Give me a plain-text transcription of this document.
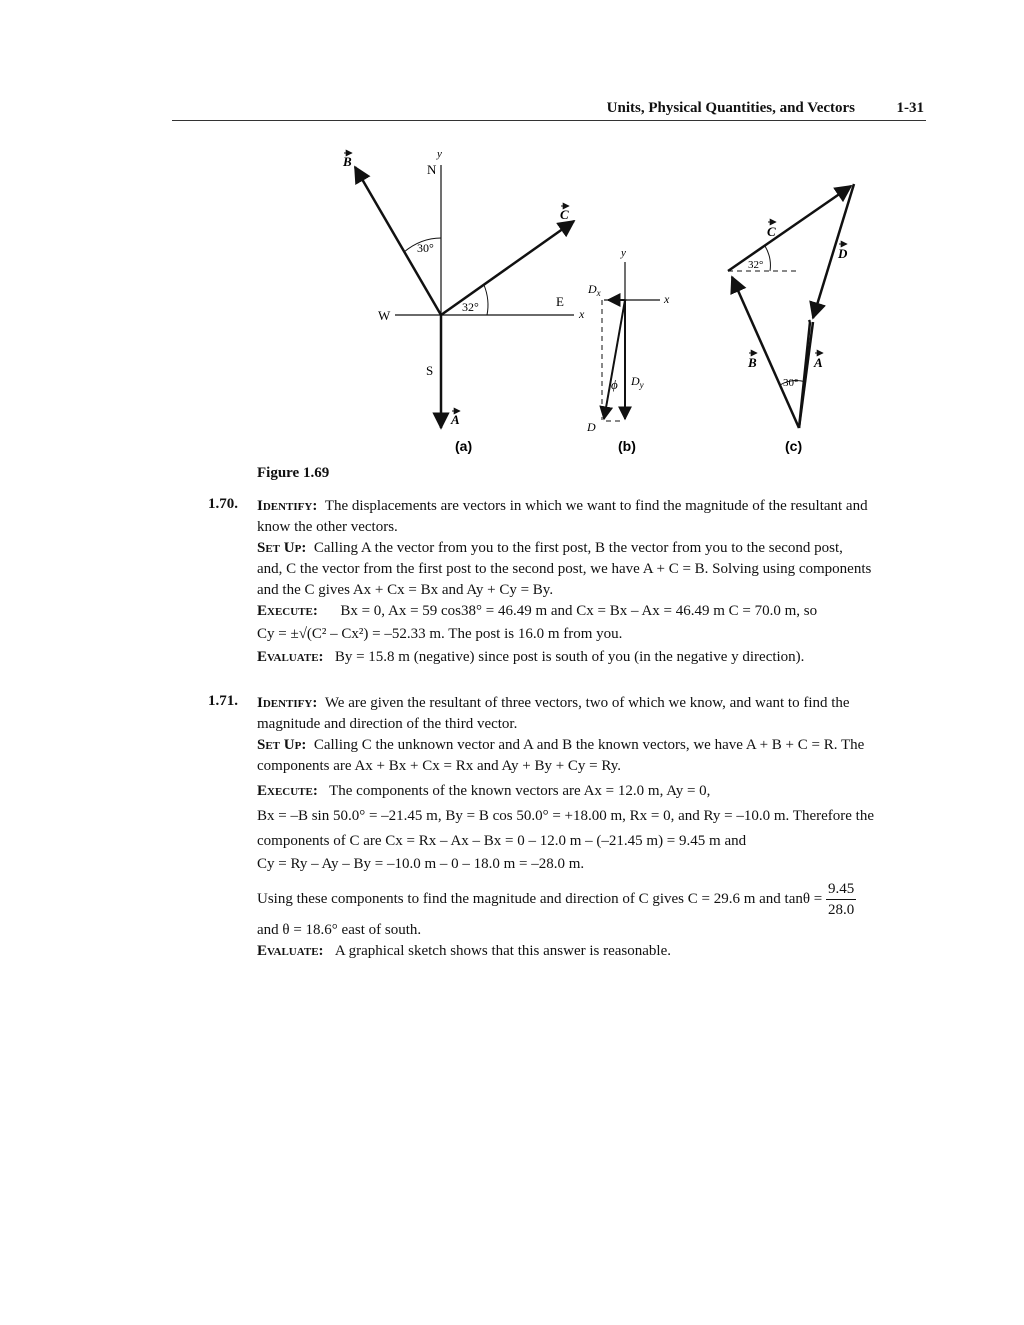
Units, Physical Quantities, and Vectors	1-31
y
N
S
E
W	x
30°
32°
B
C
A
(a)
y
x
$D_x$
$D_y$
ϕ
D
(b)
32°
30°
C
D
B	A
(c)
Figure 1.69
1.70. Identify: The displacements are vectors in which we want to find the magnitude of the resultant and
know the other vectors.
Set Up: Calling A the vector from you to the first post, B the vector from you to the second post,
and, C the vector from the first post to the second post, we have A + C = B. Solving using components
and the C gives Ax + Cx = Bx and Ay + Cy = By.
Execute: Bx = 0, Ax = 59 cos38° = 46.49 m and Cx = Bx – Ax = 46.49 m C = 70.0 m, so
Cy = ±√(C² – Cx²) = –52.33 m. The post is 16.0 m from you.
Evaluate: By = 15.8 m (negative) since post is south of you (in the negative y direction).
1.71. Identify: We are given the resultant of three vectors, two of which we know, and want to find the
magnitude and direction of the third vector.
Set Up: Calling C the unknown vector and A and B the known vectors, we have A + B + C = R. The
components are Ax + Bx + Cx = Rx and Ay + By + Cy = Ry.
Execute: The components of the known vectors are Ax = 12.0 m, Ay = 0,
Bx = –B sin 50.0° = –21.45 m, By = B cos 50.0° = +18.00 m, Rx = 0, and Ry = –10.0 m. Therefore the
components of C are Cx = Rx – Ax – Bx = 0 – 12.0 m – (–21.45 m) = 9.45 m and
Cy = Ry – Ay – By = –10.0 m – 0 – 18.0 m = –28.0 m.
Using these components to find the magnitude and direction of C gives C = 29.6 m and $\tan\theta = \frac{9.45}{28.0}$
and θ = 18.6° east of south.
Evaluate: A graphical sketch shows that this answer is reasonable.
